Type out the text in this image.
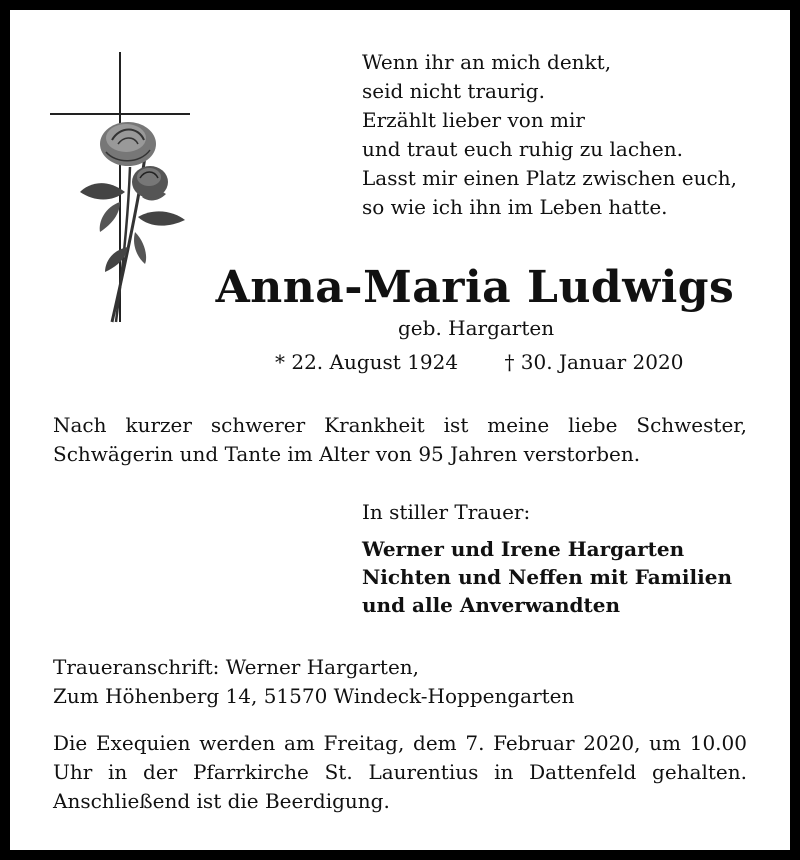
Wenn ihr an mich denkt,
seid nicht traurig.
Erzählt lieber von mir
und traut euch ruhig zu lachen.
Lasst mir einen Platz zwischen euch,
so wie ich ihn im Leben hatte.
Anna-Maria Ludwigs
geb. Hargarten
* 22. August 1924 † 30. Januar 2020
Nach kurzer schwerer Krankheit ist meine liebe Schwester, Schwägerin und Tante im Alter von 95 Jahren verstorben.
In stiller Trauer:
Werner und Irene Hargarten
Nichten und Neffen mit Familien
und alle Anverwandten
Traueranschrift: Werner Hargarten,
Zum Höhenberg 14, 51570 Windeck-Hoppengarten
Die Exequien werden am Freitag, dem 7. Februar 2020, um 10.00 Uhr in der Pfarrkirche St. Laurentius in Dattenfeld gehalten. Anschließend ist die Beerdigung.
